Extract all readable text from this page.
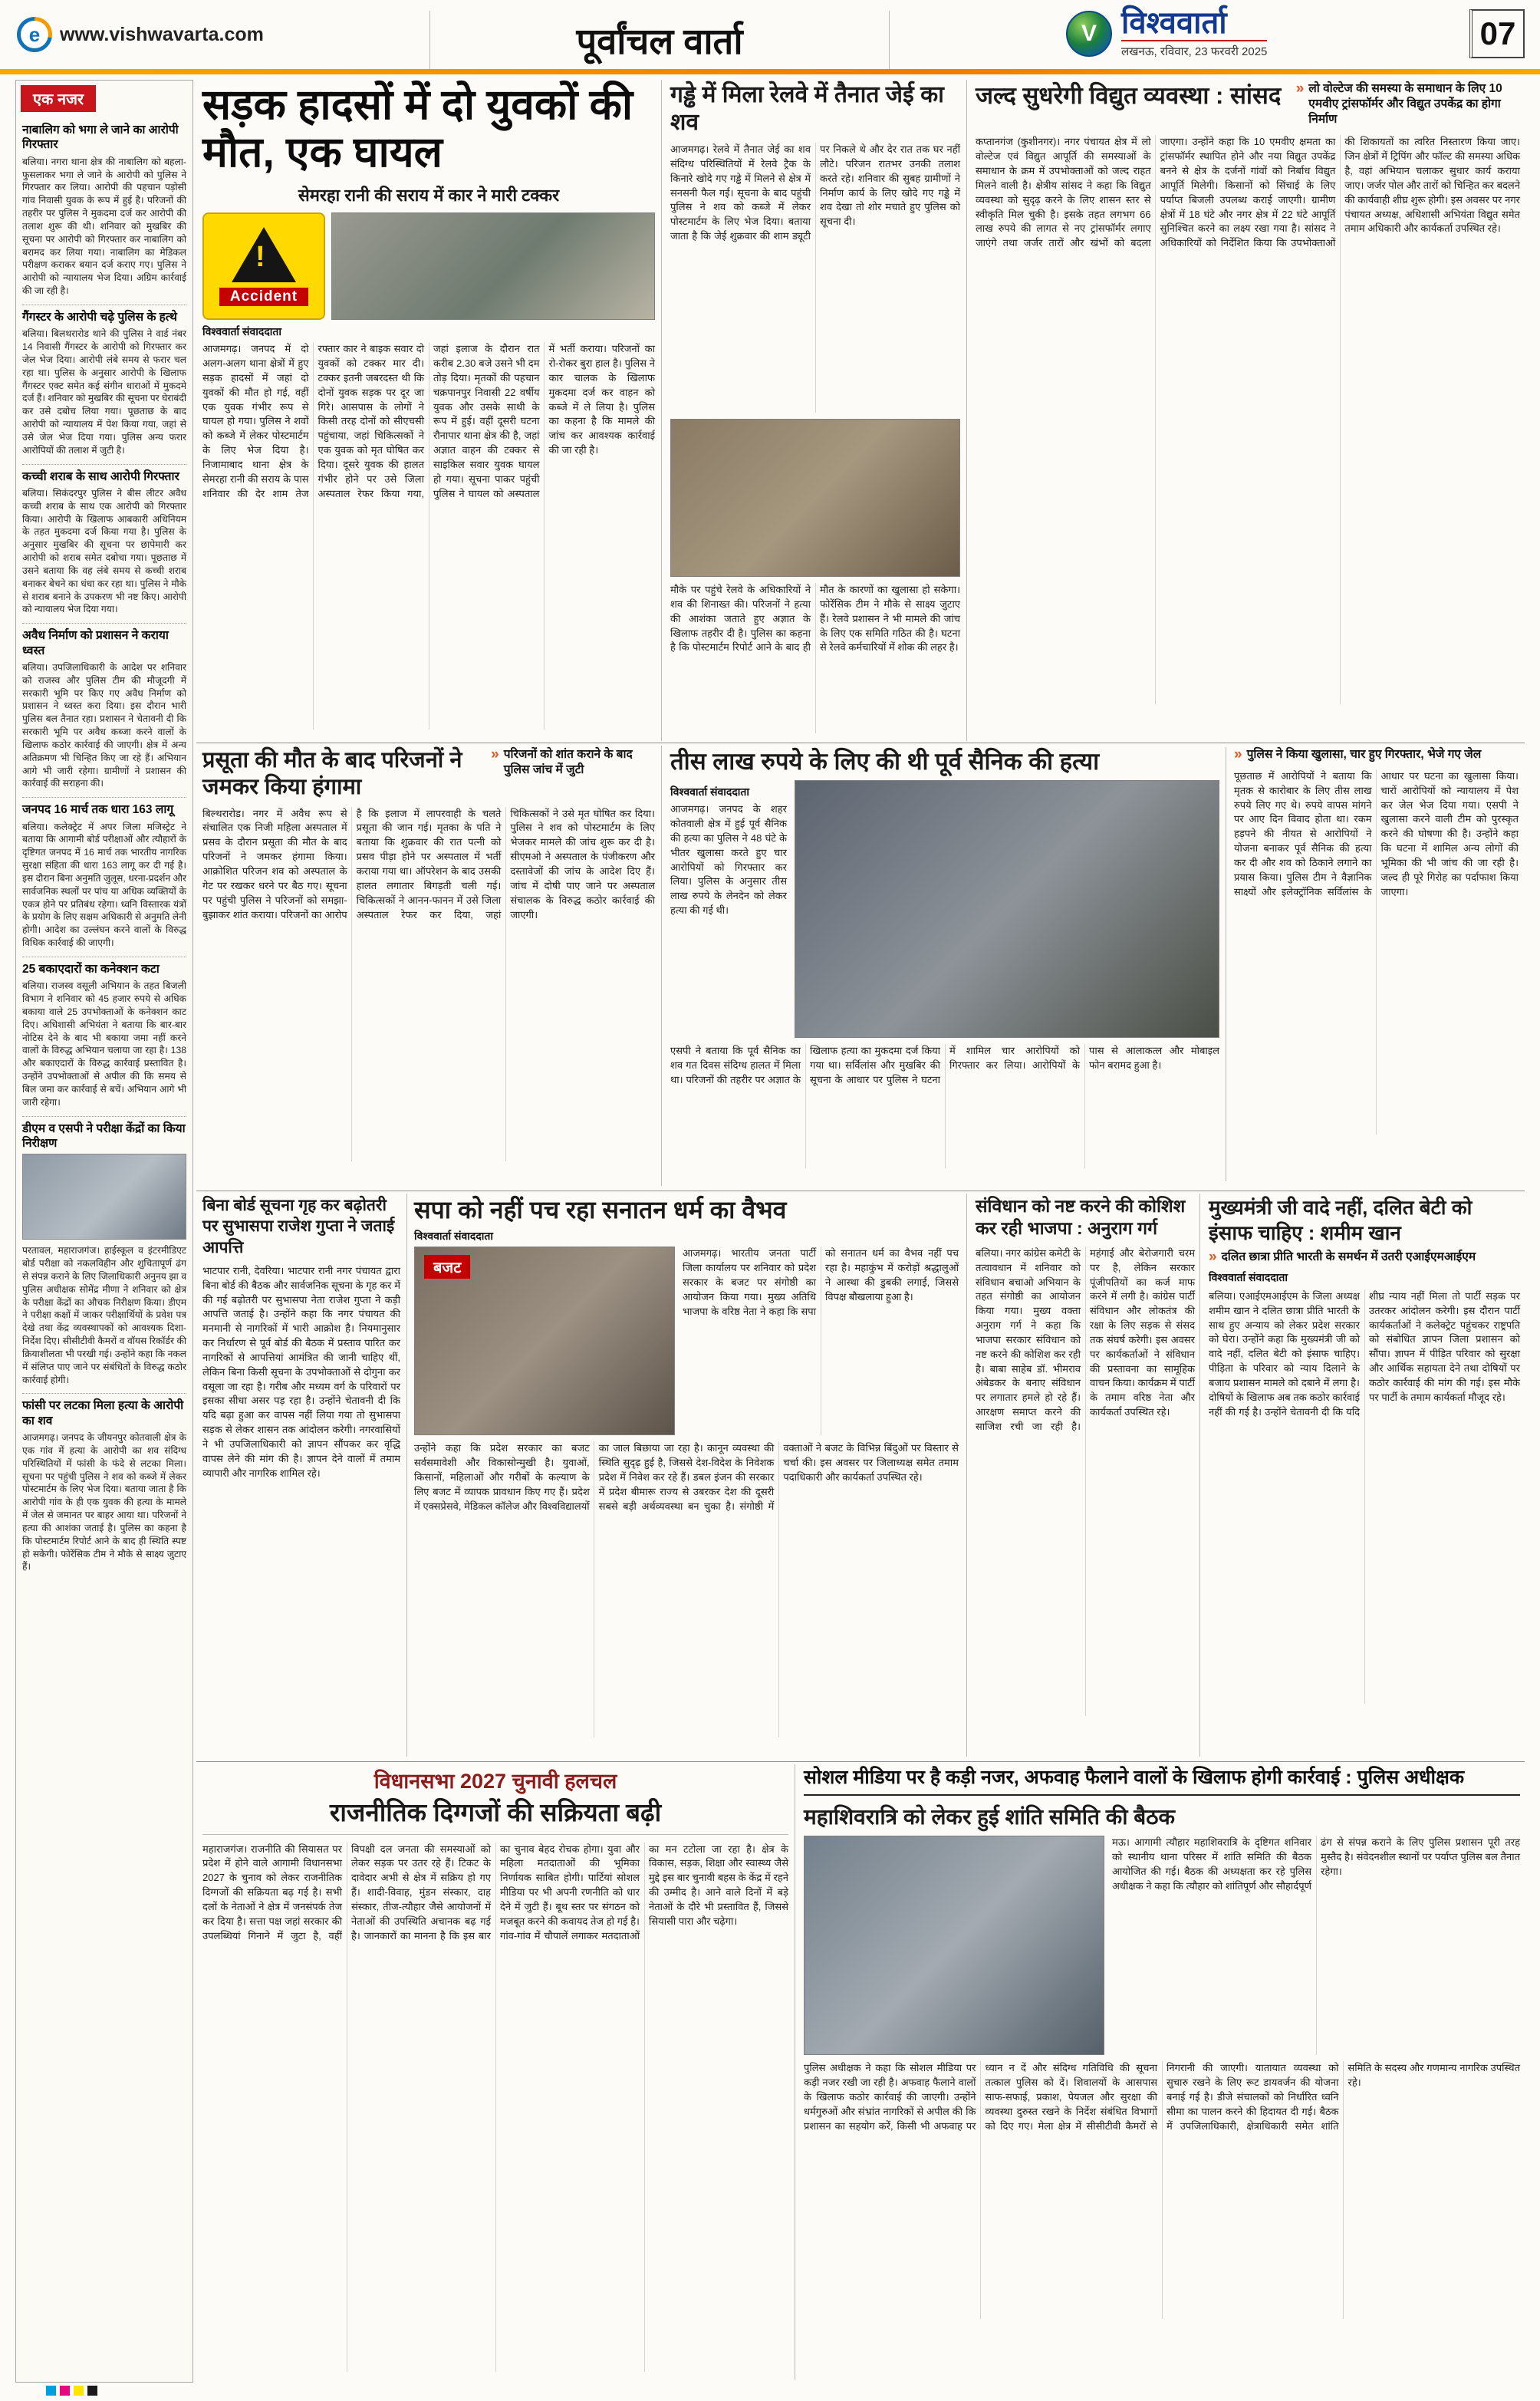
e	www.vishwavarta.com	पूर्वांचल वार्ता	V विश्ववार्ता
लखनऊ, रविवार, 23 फरवरी 2025
07
एक नजर
नाबालिग को भगा ले जाने का आरोपी गिरफ्तार

बलिया। नगरा थाना क्षेत्र की नाबालिग को बहला-फुसलाकर भगा ले जाने के आरोपी को पुलिस ने गिरफ्तार कर लिया। आरोपी की पहचान पड़ोसी गांव निवासी युवक के रूप में हुई है। परिजनों की तहरीर पर पुलिस ने मुकदमा दर्ज कर आरोपी की तलाश शुरू की थी। शनिवार को मुखबिर की सूचना पर आरोपी को गिरफ्तार कर नाबालिग को बरामद कर लिया गया। नाबालिग का मेडिकल परीक्षण कराकर बयान दर्ज कराए गए। पुलिस ने आरोपी को न्यायालय भेज दिया। अग्रिम कार्रवाई की जा रही है।

गैंगस्टर के आरोपी चढ़े पुलिस के हत्थे

बलिया। बिलथरारोड थाने की पुलिस ने वार्ड नंबर 14 निवासी गैंगस्टर के आरोपी को गिरफ्तार कर जेल भेज दिया। आरोपी लंबे समय से फरार चल रहा था। पुलिस के अनुसार आरोपी के खिलाफ गैंगस्टर एक्ट समेत कई संगीन धाराओं में मुकदमे दर्ज हैं। शनिवार को मुखबिर की सूचना पर घेराबंदी कर उसे दबोच लिया गया। पूछताछ के बाद आरोपी को न्यायालय में पेश किया गया, जहां से उसे जेल भेज दिया गया। पुलिस अन्य फरार आरोपियों की तलाश में जुटी है।

कच्ची शराब के साथ आरोपी गिरफ्तार

बलिया। सिकंदरपुर पुलिस ने बीस लीटर अवैध कच्ची शराब के साथ एक आरोपी को गिरफ्तार किया। आरोपी के खिलाफ आबकारी अधिनियम के तहत मुकदमा दर्ज किया गया है। पुलिस के अनुसार मुखबिर की सूचना पर छापेमारी कर आरोपी को शराब समेत दबोचा गया। पूछताछ में उसने बताया कि वह लंबे समय से कच्ची शराब बनाकर बेचने का धंधा कर रहा था। पुलिस ने मौके से शराब बनाने के उपकरण भी नष्ट किए। आरोपी को न्यायालय भेज दिया गया।

अवैध निर्माण को प्रशासन ने कराया ध्वस्त

बलिया। उपजिलाधिकारी के आदेश पर शनिवार को राजस्व और पुलिस टीम की मौजूदगी में सरकारी भूमि पर किए गए अवैध निर्माण को प्रशासन ने ध्वस्त करा दिया। इस दौरान भारी पुलिस बल तैनात रहा। प्रशासन ने चेतावनी दी कि सरकारी भूमि पर अवैध कब्जा करने वालों के खिलाफ कठोर कार्रवाई की जाएगी। क्षेत्र में अन्य अतिक्रमण भी चिन्हित किए जा रहे हैं। अभियान आगे भी जारी रहेगा। ग्रामीणों ने प्रशासन की कार्रवाई की सराहना की।

जनपद 16 मार्च तक धारा 163 लागू

बलिया। कलेक्ट्रेट में अपर जिला मजिस्ट्रेट ने बताया कि आगामी बोर्ड परीक्षाओं और त्यौहारों के दृष्टिगत जनपद में 16 मार्च तक भारतीय नागरिक सुरक्षा संहिता की धारा 163 लागू कर दी गई है। इस दौरान बिना अनुमति जुलूस, धरना-प्रदर्शन और सार्वजनिक स्थलों पर पांच या अधिक व्यक्तियों के एकत्र होने पर प्रतिबंध रहेगा। ध्वनि विस्तारक यंत्रों के प्रयोग के लिए सक्षम अधिकारी से अनुमति लेनी होगी। आदेश का उल्लंघन करने वालों के विरुद्ध विधिक कार्रवाई की जाएगी।

25 बकाएदारों का कनेक्शन कटा

बलिया। राजस्व वसूली अभियान के तहत बिजली विभाग ने शनिवार को 45 हजार रुपये से अधिक बकाया वाले 25 उपभोक्ताओं के कनेक्शन काट दिए। अधिशासी अभियंता ने बताया कि बार-बार नोटिस देने के बाद भी बकाया जमा नहीं करने वालों के विरुद्ध अभियान चलाया जा रहा है। 138 और बकाएदारों के विरुद्ध कार्रवाई प्रस्तावित है। उन्होंने उपभोक्ताओं से अपील की कि समय से बिल जमा कर कार्रवाई से बचें। अभियान आगे भी जारी रहेगा।

डीएम व एसपी ने परीक्षा केंद्रों का किया निरीक्षण

परतावल, महाराजगंज। हाईस्कूल व इंटरमीडिएट बोर्ड परीक्षा को नकलविहीन और शुचितापूर्ण ढंग से संपन्न कराने के लिए जिलाधिकारी अनुनय झा व पुलिस अधीक्षक सोमेंद्र मीणा ने शनिवार को क्षेत्र के परीक्षा केंद्रों का औचक निरीक्षण किया। डीएम ने परीक्षा कक्षों में जाकर परीक्षार्थियों के प्रवेश पत्र देखे तथा केंद्र व्यवस्थापकों को आवश्यक दिशा-निर्देश दिए। सीसीटीवी कैमरों व वॉयस रिकॉर्डर की क्रियाशीलता भी परखी गई। उन्होंने कहा कि नकल में संलिप्त पाए जाने पर संबंधितों के विरुद्ध कठोर कार्रवाई होगी।

फांसी पर लटका मिला हत्या के आरोपी का शव

आजमगढ़। जनपद के जीयनपुर कोतवाली क्षेत्र के एक गांव में हत्या के आरोपी का शव संदिग्ध परिस्थितियों में फांसी के फंदे से लटका मिला। सूचना पर पहुंची पुलिस ने शव को कब्जे में लेकर पोस्टमार्टम के लिए भेज दिया। बताया जाता है कि आरोपी गांव के ही एक युवक की हत्या के मामले में जेल से जमानत पर बाहर आया था। परिजनों ने हत्या की आशंका जताई है। पुलिस का कहना है कि पोस्टमार्टम रिपोर्ट आने के बाद ही स्थिति स्पष्ट हो सकेगी। फोरेंसिक टीम ने मौके से साक्ष्य जुटाए हैं।

सड़क हादसों में दो युवकों की मौत, एक घायल
सेमरहा रानी की सराय में कार ने मारी टक्कर
!
Accident
विश्ववार्ता संवाददाता
आजमगढ़। जनपद में दो अलग-अलग थाना क्षेत्रों में हुए सड़क हादसों में जहां दो युवकों की मौत हो गई, वहीं एक युवक गंभीर रूप से घायल हो गया। पुलिस ने शवों को कब्जे में लेकर पोस्टमार्टम के लिए भेज दिया है। निजामाबाद थाना क्षेत्र के सेमरहा रानी की सराय के पास शनिवार की देर शाम तेज रफ्तार कार ने बाइक सवार दो युवकों को टक्कर मार दी। टक्कर इतनी जबरदस्त थी कि दोनों युवक सड़क पर दूर जा गिरे। आसपास के लोगों ने किसी तरह दोनों को सीएचसी पहुंचाया, जहां चिकित्सकों ने एक युवक को मृत घोषित कर दिया। दूसरे युवक की हालत गंभीर होने पर उसे जिला अस्पताल रेफर किया गया, जहां इलाज के दौरान रात करीब 2.30 बजे उसने भी दम तोड़ दिया। मृतकों की पहचान चक्रपानपुर निवासी 22 वर्षीय युवक और उसके साथी के रूप में हुई। वहीं दूसरी घटना रौनापार थाना क्षेत्र की है, जहां अज्ञात वाहन की टक्कर से साइकिल सवार युवक घायल हो गया। सूचना पाकर पहुंची पुलिस ने घायल को अस्पताल में भर्ती कराया। परिजनों का रो-रोकर बुरा हाल है। पुलिस ने कार चालक के खिलाफ मुकदमा दर्ज कर वाहन को कब्जे में ले लिया है। पुलिस का कहना है कि मामले की जांच कर आवश्यक कार्रवाई की जा रही है।
गड्ढे में मिला रेलवे में तैनात जेई का शव
आजमगढ़। रेलवे में तैनात जेई का शव संदिग्ध परिस्थितियों में रेलवे ट्रैक के किनारे खोदे गए गड्ढे में मिलने से क्षेत्र में सनसनी फैल गई। सूचना के बाद पहुंची पुलिस ने शव को कब्जे में लेकर पोस्टमार्टम के लिए भेज दिया। बताया जाता है कि जेई शुक्रवार की शाम ड्यूटी पर निकले थे और देर रात तक घर नहीं लौटे। परिजन रातभर उनकी तलाश करते रहे। शनिवार की सुबह ग्रामीणों ने निर्माण कार्य के लिए खोदे गए गड्ढे में शव देखा तो शोर मचाते हुए पुलिस को सूचना दी।
मौके पर पहुंचे रेलवे के अधिकारियों ने शव की शिनाख्त की। परिजनों ने हत्या की आशंका जताते हुए अज्ञात के खिलाफ तहरीर दी है। पुलिस का कहना है कि पोस्टमार्टम रिपोर्ट आने के बाद ही मौत के कारणों का खुलासा हो सकेगा। फोरेंसिक टीम ने मौके से साक्ष्य जुटाए हैं। रेलवे प्रशासन ने भी मामले की जांच के लिए एक समिति गठित की है। घटना से रेलवे कर्मचारियों में शोक की लहर है।
जल्द सुधरेगी विद्युत व्यवस्था : सांसद » लो वोल्टेज की समस्या के समाधान के लिए 10 एमवीए ट्रांसफॉर्मर और विद्युत उपकेंद्र का होगा निर्माण
कप्तानगंज (कुशीनगर)। नगर पंचायत क्षेत्र में लो वोल्टेज एवं विद्युत आपूर्ति की समस्याओं के समाधान के क्रम में उपभोक्ताओं को जल्द राहत मिलने वाली है। क्षेत्रीय सांसद ने कहा कि विद्युत व्यवस्था को सुदृढ़ करने के लिए शासन स्तर से स्वीकृति मिल चुकी है। इसके तहत लगभग 66 लाख रुपये की लागत से नए ट्रांसफॉर्मर लगाए जाएंगे तथा जर्जर तारों और खंभों को बदला जाएगा। उन्होंने कहा कि 10 एमवीए क्षमता का ट्रांसफॉर्मर स्थापित होने और नया विद्युत उपकेंद्र बनने से क्षेत्र के दर्जनों गांवों को निर्बाध विद्युत आपूर्ति मिलेगी। किसानों को सिंचाई के लिए पर्याप्त बिजली उपलब्ध कराई जाएगी। ग्रामीण क्षेत्रों में 18 घंटे और नगर क्षेत्र में 22 घंटे आपूर्ति सुनिश्चित करने का लक्ष्य रखा गया है। सांसद ने अधिकारियों को निर्देशित किया कि उपभोक्ताओं की शिकायतों का त्वरित निस्तारण किया जाए। जिन क्षेत्रों में ट्रिपिंग और फॉल्ट की समस्या अधिक है, वहां अभियान चलाकर सुधार कार्य कराया जाए। जर्जर पोल और तारों को चिन्हित कर बदलने की कार्यवाही शीघ्र शुरू होगी। इस अवसर पर नगर पंचायत अध्यक्ष, अधिशासी अभियंता विद्युत समेत तमाम अधिकारी और कार्यकर्ता उपस्थित रहे।
प्रसूता की मौत के बाद परिजनों ने जमकर किया हंगामा
» परिजनों को शांत कराने के बाद पुलिस जांच में जुटी
बिल्थरारोड। नगर में अवैध रूप से संचालित एक निजी महिला अस्पताल में प्रसव के दौरान प्रसूता की मौत के बाद परिजनों ने जमकर हंगामा किया। आक्रोशित परिजन शव को अस्पताल के गेट पर रखकर धरने पर बैठ गए। सूचना पर पहुंची पुलिस ने परिजनों को समझा-बुझाकर शांत कराया। परिजनों का आरोप है कि इलाज में लापरवाही के चलते प्रसूता की जान गई। मृतका के पति ने बताया कि शुक्रवार की रात पत्नी को प्रसव पीड़ा होने पर अस्पताल में भर्ती कराया गया था। ऑपरेशन के बाद उसकी हालत लगातार बिगड़ती चली गई। चिकित्सकों ने आनन-फानन में उसे जिला अस्पताल रेफर कर दिया, जहां चिकित्सकों ने उसे मृत घोषित कर दिया। पुलिस ने शव को पोस्टमार्टम के लिए भेजकर मामले की जांच शुरू कर दी है। सीएमओ ने अस्पताल के पंजीकरण और दस्तावेजों की जांच के आदेश दिए हैं। जांच में दोषी पाए जाने पर अस्पताल संचालक के विरुद्ध कठोर कार्रवाई की जाएगी।
तीस लाख रुपये के लिए की थी पूर्व सैनिक की हत्या
विश्ववार्ता संवाददाता
आजमगढ़। जनपद के शहर कोतवाली क्षेत्र में हुई पूर्व सैनिक की हत्या का पुलिस ने 48 घंटे के भीतर खुलासा करते हुए चार आरोपियों को गिरफ्तार कर लिया। पुलिस के अनुसार तीस लाख रुपये के लेनदेन को लेकर हत्या की गई थी।
एसपी ने बताया कि पूर्व सैनिक का शव गत दिवस संदिग्ध हालत में मिला था। परिजनों की तहरीर पर अज्ञात के खिलाफ हत्या का मुकदमा दर्ज किया गया था। सर्विलांस और मुखबिर की सूचना के आधार पर पुलिस ने घटना में शामिल चार आरोपियों को गिरफ्तार कर लिया। आरोपियों के पास से आलाकत्ल और मोबाइल फोन बरामद हुआ है।
» पुलिस ने किया खुलासा, चार हुए गिरफ्तार, भेजे गए जेल
पूछताछ में आरोपियों ने बताया कि मृतक से कारोबार के लिए तीस लाख रुपये लिए गए थे। रुपये वापस मांगने पर आए दिन विवाद होता था। रकम हड़पने की नीयत से आरोपियों ने योजना बनाकर पूर्व सैनिक की हत्या कर दी और शव को ठिकाने लगाने का प्रयास किया। पुलिस टीम ने वैज्ञानिक साक्ष्यों और इलेक्ट्रॉनिक सर्विलांस के आधार पर घटना का खुलासा किया। चारों आरोपियों को न्यायालय में पेश कर जेल भेज दिया गया। एसपी ने खुलासा करने वाली टीम को पुरस्कृत करने की घोषणा की है। उन्होंने कहा कि घटना में शामिल अन्य लोगों की भूमिका की भी जांच की जा रही है। जल्द ही पूरे गिरोह का पर्दाफाश किया जाएगा।
बिना बोर्ड सूचना गृह कर बढ़ोतरी पर सुभासपा राजेश गुप्ता ने जताई आपत्ति
भाटपार रानी, देवरिया। भाटपार रानी नगर पंचायत द्वारा बिना बोर्ड की बैठक और सार्वजनिक सूचना के गृह कर में की गई बढ़ोतरी पर सुभासपा नेता राजेश गुप्ता ने कड़ी आपत्ति जताई है। उन्होंने कहा कि नगर पंचायत की मनमानी से नागरिकों में भारी आक्रोश है। नियमानुसार कर निर्धारण से पूर्व बोर्ड की बैठक में प्रस्ताव पारित कर नागरिकों से आपत्तियां आमंत्रित की जानी चाहिए थीं, लेकिन बिना किसी सूचना के उपभोक्ताओं से दोगुना कर वसूला जा रहा है। गरीब और मध्यम वर्ग के परिवारों पर इसका सीधा असर पड़ रहा है। उन्होंने चेतावनी दी कि यदि बढ़ा हुआ कर वापस नहीं लिया गया तो सुभासपा सड़क से लेकर शासन तक आंदोलन करेगी। नगरवासियों ने भी उपजिलाधिकारी को ज्ञापन सौंपकर कर वृद्धि वापस लेने की मांग की है। ज्ञापन देने वालों में तमाम व्यापारी और नागरिक शामिल रहे।
सपा को नहीं पच रहा सनातन धर्म का वैभव
विश्ववार्ता संवाददाता
बजट
आजमगढ़। भारतीय जनता पार्टी जिला कार्यालय पर शनिवार को प्रदेश सरकार के बजट पर संगोष्ठी का आयोजन किया गया। मुख्य अतिथि भाजपा के वरिष्ठ नेता ने कहा कि सपा को सनातन धर्म का वैभव नहीं पच रहा है। महाकुंभ में करोड़ों श्रद्धालुओं ने आस्था की डुबकी लगाई, जिससे विपक्ष बौखलाया हुआ है।
उन्होंने कहा कि प्रदेश सरकार का बजट सर्वसमावेशी और विकासोन्मुखी है। युवाओं, किसानों, महिलाओं और गरीबों के कल्याण के लिए बजट में व्यापक प्रावधान किए गए हैं। प्रदेश में एक्सप्रेसवे, मेडिकल कॉलेज और विश्वविद्यालयों का जाल बिछाया जा रहा है। कानून व्यवस्था की स्थिति सुदृढ़ हुई है, जिससे देश-विदेश के निवेशक प्रदेश में निवेश कर रहे हैं। डबल इंजन की सरकार में प्रदेश बीमारू राज्य से उबरकर देश की दूसरी सबसे बड़ी अर्थव्यवस्था बन चुका है। संगोष्ठी में वक्ताओं ने बजट के विभिन्न बिंदुओं पर विस्तार से चर्चा की। इस अवसर पर जिलाध्यक्ष समेत तमाम पदाधिकारी और कार्यकर्ता उपस्थित रहे।
संविधान को नष्ट करने की कोशिश कर रही भाजपा : अनुराग गर्ग
बलिया। नगर कांग्रेस कमेटी के तत्वावधान में शनिवार को संविधान बचाओ अभियान के तहत संगोष्ठी का आयोजन किया गया। मुख्य वक्ता अनुराग गर्ग ने कहा कि भाजपा सरकार संविधान को नष्ट करने की कोशिश कर रही है। बाबा साहेब डॉ. भीमराव अंबेडकर के बनाए संविधान पर लगातार हमले हो रहे हैं। आरक्षण समाप्त करने की साजिश रची जा रही है। महंगाई और बेरोजगारी चरम पर है, लेकिन सरकार पूंजीपतियों का कर्ज माफ करने में लगी है। कांग्रेस पार्टी संविधान और लोकतंत्र की रक्षा के लिए सड़क से संसद तक संघर्ष करेगी। इस अवसर पर कार्यकर्ताओं ने संविधान की प्रस्तावना का सामूहिक वाचन किया। कार्यक्रम में पार्टी के तमाम वरिष्ठ नेता और कार्यकर्ता उपस्थित रहे।
मुख्यमंत्री जी वादे नहीं, दलित बेटी को इंसाफ चाहिए : शमीम खान
» दलित छात्रा प्रीति भारती के समर्थन में उतरी एआईएमआईएम
विश्ववार्ता संवाददाता
बलिया। एआईएमआईएम के जिला अध्यक्ष शमीम खान ने दलित छात्रा प्रीति भारती के साथ हुए अन्याय को लेकर प्रदेश सरकार को घेरा। उन्होंने कहा कि मुख्यमंत्री जी को वादे नहीं, दलित बेटी को इंसाफ चाहिए। पीड़िता के परिवार को न्याय दिलाने के बजाय प्रशासन मामले को दबाने में लगा है। दोषियों के खिलाफ अब तक कठोर कार्रवाई नहीं की गई है। उन्होंने चेतावनी दी कि यदि शीघ्र न्याय नहीं मिला तो पार्टी सड़क पर उतरकर आंदोलन करेगी। इस दौरान पार्टी कार्यकर्ताओं ने कलेक्ट्रेट पहुंचकर राष्ट्रपति को संबोधित ज्ञापन जिला प्रशासन को सौंपा। ज्ञापन में पीड़ित परिवार को सुरक्षा और आर्थिक सहायता देने तथा दोषियों पर कठोर कार्रवाई की मांग की गई। इस मौके पर पार्टी के तमाम कार्यकर्ता मौजूद रहे।
विधानसभा 2027 चुनावी हलचल
राजनीतिक दिग्गजों की सक्रियता बढ़ी
महाराजगंज। राजनीति की सियासत पर प्रदेश में होने वाले आगामी विधानसभा 2027 के चुनाव को लेकर राजनीतिक दिग्गजों की सक्रियता बढ़ गई है। सभी दलों के नेताओं ने क्षेत्र में जनसंपर्क तेज कर दिया है। सत्ता पक्ष जहां सरकार की उपलब्धियां गिनाने में जुटा है, वहीं विपक्षी दल जनता की समस्याओं को लेकर सड़क पर उतर रहे हैं। टिकट के दावेदार अभी से क्षेत्र में सक्रिय हो गए हैं। शादी-विवाह, मुंडन संस्कार, दाह संस्कार, तीज-त्यौहार जैसे आयोजनों में नेताओं की उपस्थिति अचानक बढ़ गई है। जानकारों का मानना है कि इस बार का चुनाव बेहद रोचक होगा। युवा और महिला मतदाताओं की भूमिका निर्णायक साबित होगी। पार्टियां सोशल मीडिया पर भी अपनी रणनीति को धार देने में जुटी हैं। बूथ स्तर पर संगठन को मजबूत करने की कवायद तेज हो गई है। गांव-गांव में चौपालें लगाकर मतदाताओं का मन टटोला जा रहा है। क्षेत्र के विकास, सड़क, शिक्षा और स्वास्थ्य जैसे मुद्दे इस बार चुनावी बहस के केंद्र में रहने की उम्मीद है। आने वाले दिनों में बड़े नेताओं के दौरे भी प्रस्तावित हैं, जिससे सियासी पारा और चढ़ेगा।
सोशल मीडिया पर है कड़ी नजर, अफवाह फैलाने वालों के खिलाफ होगी कार्रवाई : पुलिस अधीक्षक
महाशिवरात्रि को लेकर हुई शांति समिति की बैठक
मऊ। आगामी त्यौहार महाशिवरात्रि के दृष्टिगत शनिवार को स्थानीय थाना परिसर में शांति समिति की बैठक आयोजित की गई। बैठक की अध्यक्षता कर रहे पुलिस अधीक्षक ने कहा कि त्यौहार को शांतिपूर्ण और सौहार्दपूर्ण ढंग से संपन्न कराने के लिए पुलिस प्रशासन पूरी तरह मुस्तैद है। संवेदनशील स्थानों पर पर्याप्त पुलिस बल तैनात रहेगा।
पुलिस अधीक्षक ने कहा कि सोशल मीडिया पर कड़ी नजर रखी जा रही है। अफवाह फैलाने वालों के खिलाफ कठोर कार्रवाई की जाएगी। उन्होंने धर्मगुरुओं और संभ्रांत नागरिकों से अपील की कि प्रशासन का सहयोग करें, किसी भी अफवाह पर ध्यान न दें और संदिग्ध गतिविधि की सूचना तत्काल पुलिस को दें। शिवालयों के आसपास साफ-सफाई, प्रकाश, पेयजल और सुरक्षा की व्यवस्था दुरुस्त रखने के निर्देश संबंधित विभागों को दिए गए। मेला क्षेत्र में सीसीटीवी कैमरों से निगरानी की जाएगी। यातायात व्यवस्था को सुचारु रखने के लिए रूट डायवर्जन की योजना बनाई गई है। डीजे संचालकों को निर्धारित ध्वनि सीमा का पालन करने की हिदायत दी गई। बैठक में उपजिलाधिकारी, क्षेत्राधिकारी समेत शांति समिति के सदस्य और गणमान्य नागरिक उपस्थित रहे।
